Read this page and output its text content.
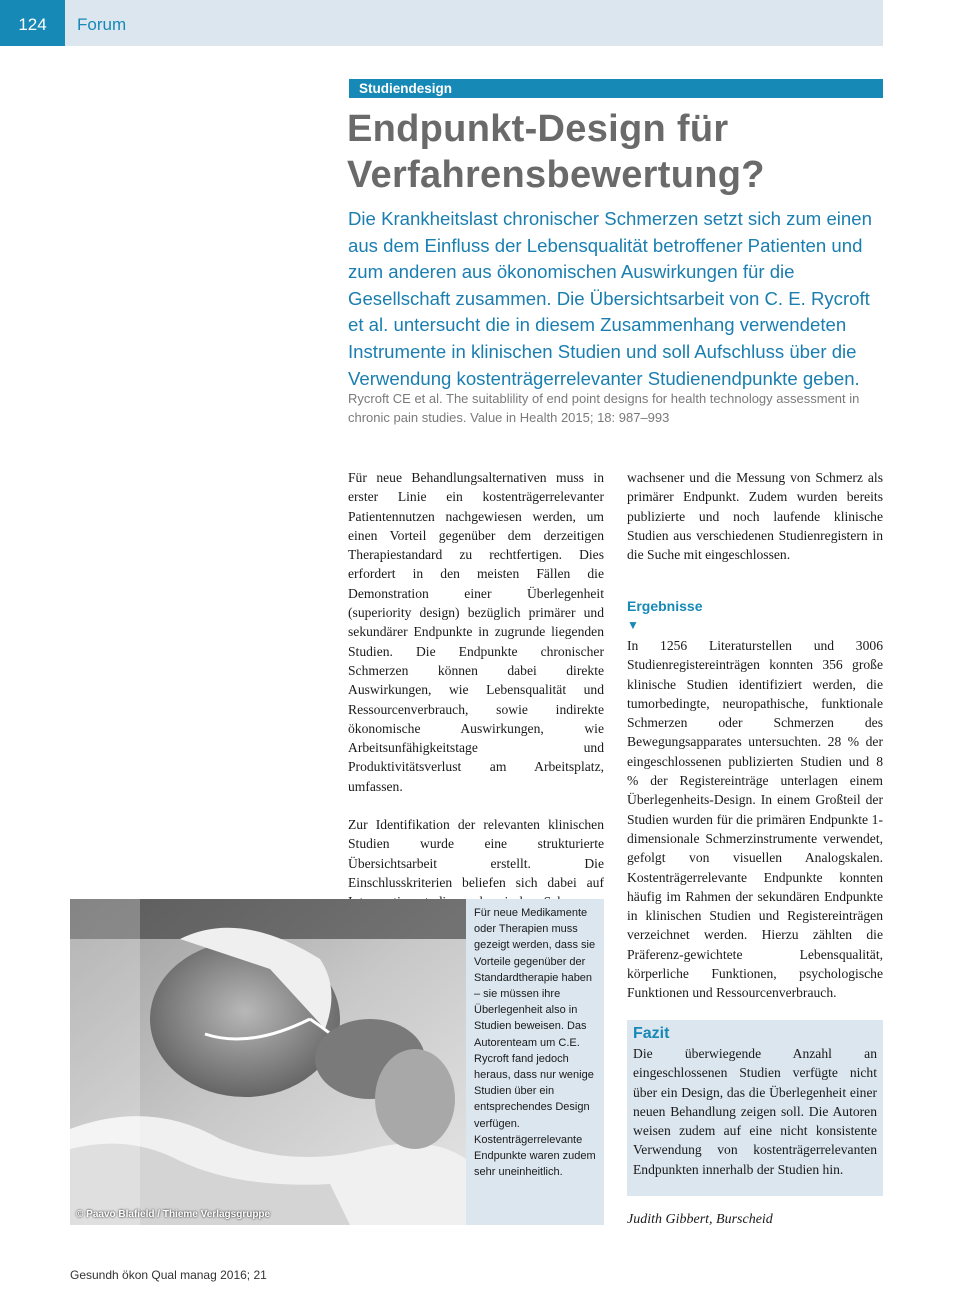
124	Forum
Studiendesign
Endpunkt-Design für Verfahrensbewertung?

Die Krankheitslast chronischer Schmerzen setzt sich zum einen aus dem Einfluss der Lebensqualität betroffener Patienten und zum anderen aus ökonomischen Auswirkungen für die Gesellschaft zusammen. Die Übersichtsarbeit von C. E. Rycroft et al. untersucht die in diesem Zusammenhang verwendeten Instrumente in klinischen Studien und soll Aufschluss über die Verwendung kostenträgerrelevanter Studienendpunkte geben.

Rycroft CE et al. The suitablility of end point designs for health technology assessment in chronic pain studies. Value in Health 2015; 18: 987–993

Für neue Behandlungsalternativen muss in erster Linie ein kostenträgerrelevanter Patientennutzen nachgewiesen werden, um einen Vorteil gegenüber dem derzeitigen Therapiestandard zu rechtfertigen. Dies erfordert in den meisten Fällen die Demonstration einer Überlegenheit (superiority design) bezüglich primärer und sekundärer Endpunkte in zugrunde liegenden Studien. Die Endpunkte chronischer Schmerzen können dabei direkte Auswirkungen, wie Lebensqualität und Ressourcenverbrauch, sowie indirekte ökonomische Auswirkungen, wie Arbeitsunfähigkeitstage und Produktivitätsverlust am Arbeitsplatz, umfassen.

Zur Identifikation der relevanten klinischen Studien wurde eine strukturierte Übersichtsarbeit erstellt. Die Einschlusskriterien beliefen sich dabei auf

wachsener und die Messung von Schmerz als primärer Endpunkt. Zudem wurden bereits publizierte und noch laufende klinische Studien aus verschiedenen Studienregistern in die Suche mit eingeschlossen.

Ergebnisse
▼

In 1256 Literaturstellen und 3006 Studienregistereinträgen konnten 356 große klinische Studien identifiziert werden, die tumorbedingte, neuropathische, funktionale Schmerzen oder Schmerzen des Bewegungsapparates untersuchten. 28 % der eingeschlossenen publizierten Studien und 8 % der Registereinträge unterlagen einem Überlegenheits-Design. In einem Großteil der Studien wurden für die primären Endpunkte 1-dimensionale Schmerzinstrumente verwendet, gefolgt von visuellen Analogskalen. Kostenträgerrelevante Endpunkte konnten häufig im Rahmen der sekundären Endpunkte in klinischen Studien und Registereinträgen verzeichnet werden. Hierzu zählten die Präferenz-gewichtete Lebensqualität, körperliche Funktionen, psychologische Funktionen und Ressourcenverbrauch.

© Paavo Blafield / Thieme Verlagsgruppe

Für neue Medikamente oder Therapien muss gezeigt werden, dass sie Vorteile gegenüber der Standardtherapie haben – sie müssen ihre Überlegenheit also in Studien beweisen. Das Autorenteam um C.E. Rycroft fand jedoch heraus, dass nur wenige Studien über ein entsprechendes Design verfügen. Kostenträgerrelevante Endpunkte waren zudem sehr uneinheitlich.

Fazit

Die überwiegende Anzahl an eingeschlossenen Studien verfügte nicht über ein Design, das die Überlegenheit einer neuen Behandlung zeigen soll. Die Autoren weisen zudem auf eine nicht konsistente Verwendung von kostenträgerrelevanten Endpunkten innerhalb der Studien hin.

Judith Gibbert, Burscheid
Gesundh ökon Qual manag 2016; 21
